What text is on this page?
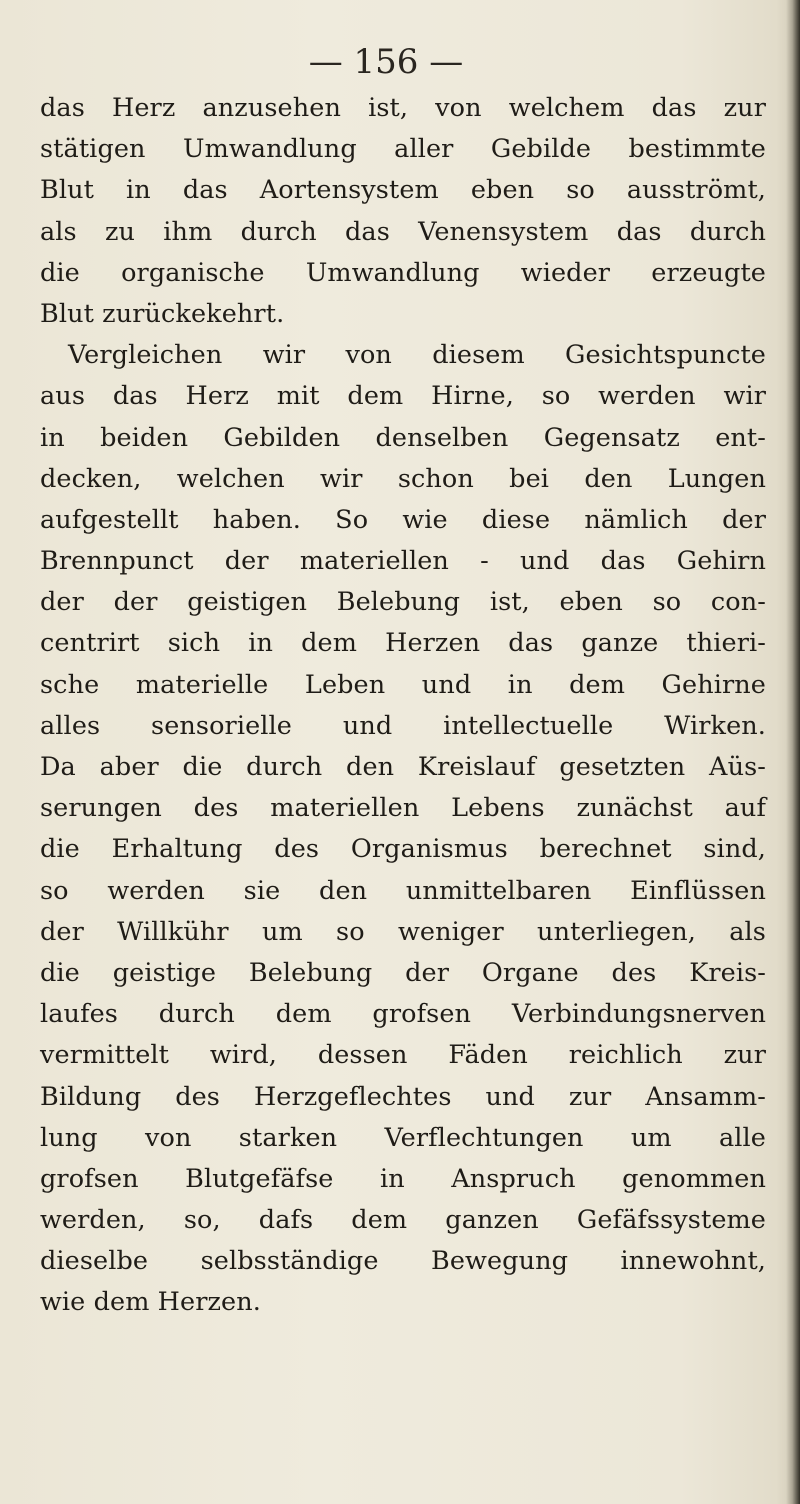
— 156 —
das Herz anzusehen ist, von welchem das zur
stätigen Umwandlung aller Gebilde bestimmte
Blut in das Aortensystem eben so ausströmt,
als zu ihm durch das Venensystem das durch
die organische Umwandlung wieder erzeugte
Blut zurückekehrt.
Vergleichen wir von diesem Gesichtspuncte
aus das Herz mit dem Hirne, so werden wir
in beiden Gebilden denselben Gegensatz ent-
decken, welchen wir schon bei den Lungen
aufgestellt haben. So wie diese nämlich der
Brennpunct der materiellen - und das Gehirn
der der geistigen Belebung ist, eben so con-
centrirt sich in dem Herzen das ganze thieri-
sche materielle Leben und in dem Gehirne
alles sensorielle und intellectuelle Wirken.
Da aber die durch den Kreislauf gesetzten Aüs-
serungen des materiellen Lebens zunächst auf
die Erhaltung des Organismus berechnet sind,
so werden sie den unmittelbaren Einflüssen
der Willkühr um so weniger unterliegen, als
die geistige Belebung der Organe des Kreis-
laufes durch dem grofsen Verbindungsnerven
vermittelt wird, dessen Fäden reichlich zur
Bildung des Herzgeflechtes und zur Ansamm-
lung von starken Verflechtungen um alle
grofsen Blutgefäfse in Anspruch genommen
werden, so, dafs dem ganzen Gefäfssysteme
dieselbe selbsständige Bewegung innewohnt,
wie dem Herzen.
